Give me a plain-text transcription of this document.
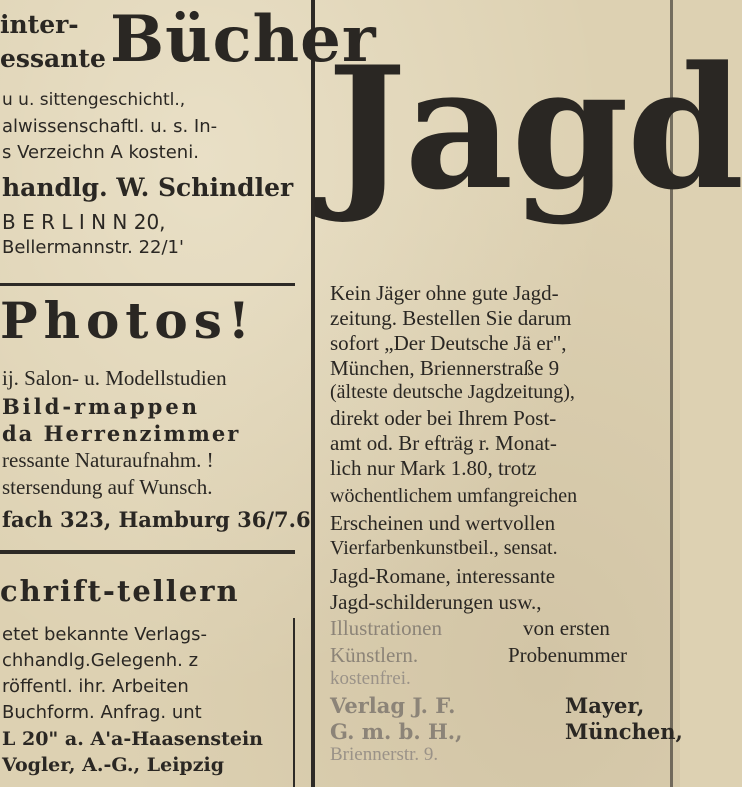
inter-
essante Bücher
u u. sittengeschichtl.,
alwissenschaftl. u. s. In-
s Verzeichn A kosteni.
handlg. W. Schindler
B E R L I N N 20,
Bellermannstr. 22/1'
Photos!
ij. Salon- u. Modellstudien
Bild-rmappen
da Herrenzimmer
ressante Naturaufnahm. !
stersendung auf Wunsch.
fach 323, Hamburg 36/7.6
chrift-tellern
etet bekannte Verlags-
chhandlg.Gelegenh. z
röffentl. ihr. Arbeiten
Buchform. Anfrag. unt
L 20" a. A'a-Haasenstein
Vogler, A.-G., Leipzig
Jagd
Kein Jäger ohne gute Jagd-
zeitung. Bestellen Sie darum
sofort „Der Deutsche Jä er",
München, Briennerstraße 9
(älteste deutsche Jagdzeitung),
direkt oder bei Ihrem Post-
amt od. Br efträg r. Monat-
lich nur Mark 1.80, trotz
wöchentlichem umfangreichen
Erscheinen und wertvollen
Vierfarbenkunstbeil., sensat.
Jagd-Romane, interessante
Jagd-schilderungen usw.,
Illustrationen
Künstlern.
kostenfrei.
Verlag J. F.
G. m. b. H.,
Briennerstr. 9.
von ersten
Probenummer
Mayer,
München,
